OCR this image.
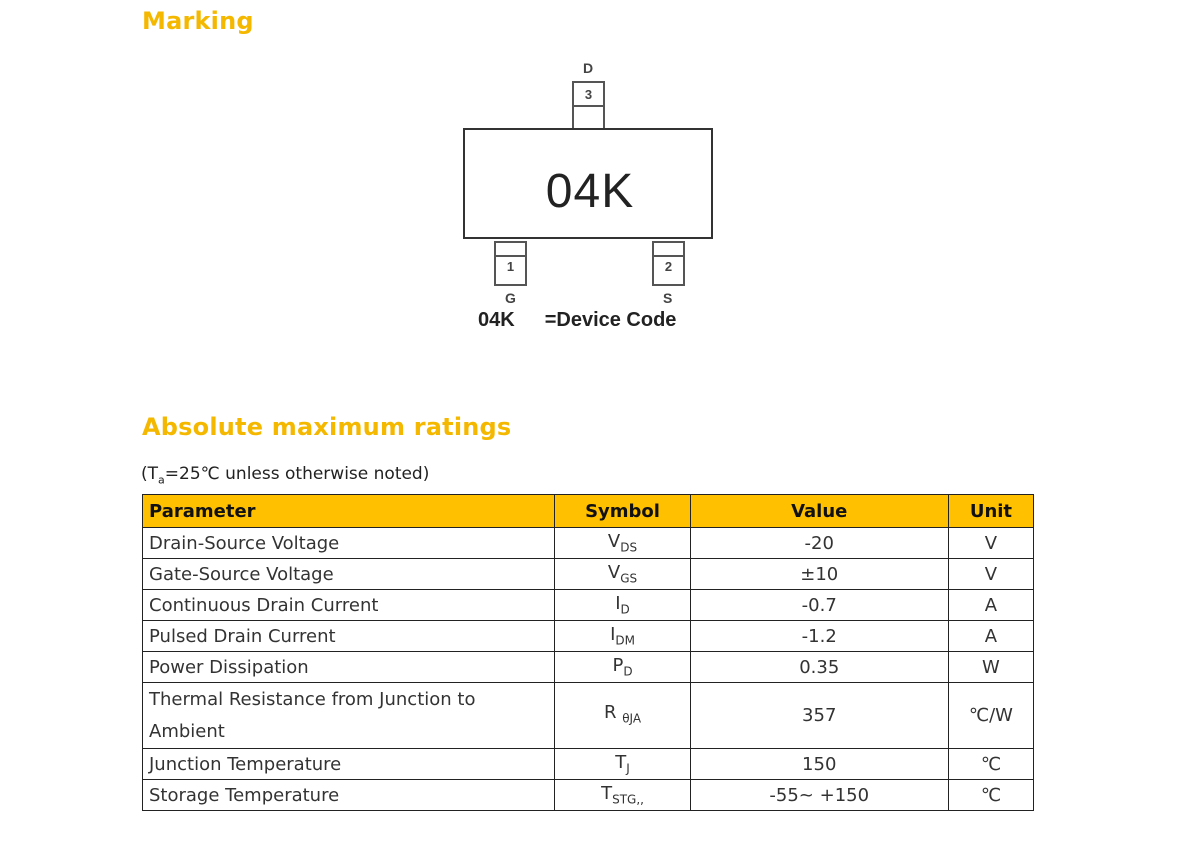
Marking
D
3
04K
1	2
G	S
04K =Device Code
Absolute maximum ratings
($T_a=25℃$ unless otherwise noted)
Parameter	Symbol	Value	Unit
Drain-Source Voltage	$V_{DS}$	-20	V
Gate-Source Voltage	$V_{GS}$	±10	V
Continuous Drain Current	$I_D$	-0.7	A
Pulsed Drain Current	$I_{DM}$	-1.2	A
Power Dissipation	$P_D$	0.35	W
Thermal Resistance from Junction to Ambient	R $_{\theta JA}$	357	℃/W
Junction Temperature	$T_J$	150	℃
Storage Temperature	$T_{STG,,}$	-55~ +150	℃
